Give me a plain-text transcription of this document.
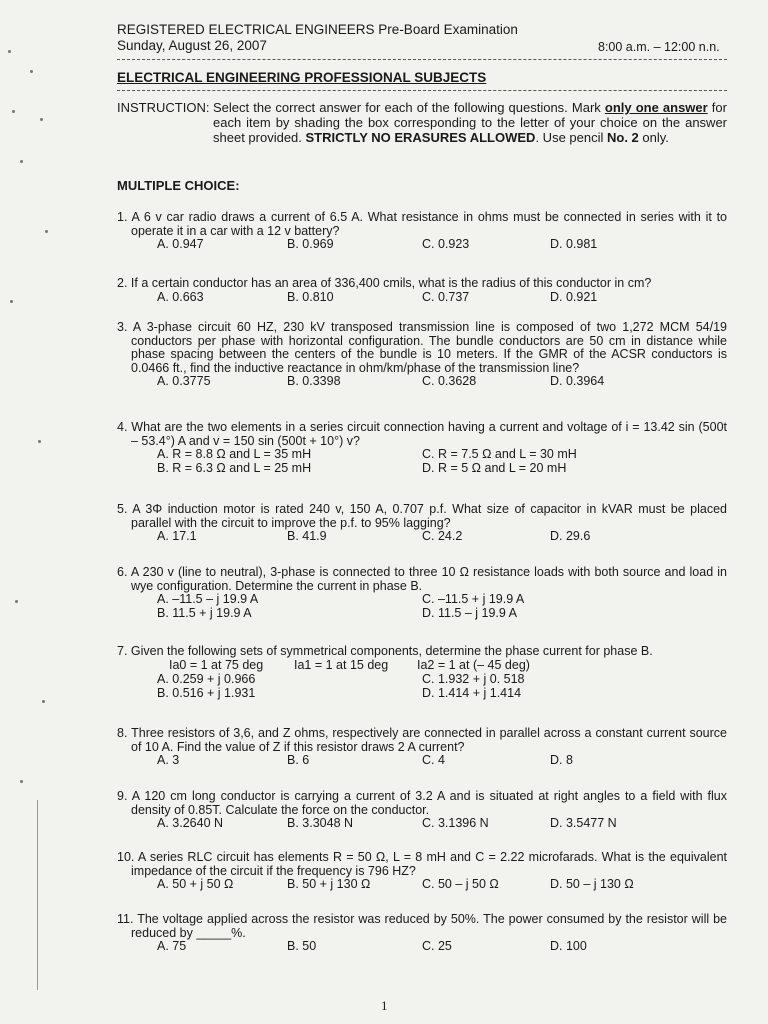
REGISTERED ELECTRICAL ENGINEERS Pre-Board Examination
Sunday, August 26, 2007	8:00 a.m. – 12:00 n.n.
ELECTRICAL ENGINEERING PROFESSIONAL SUBJECTS
INSTRUCTION: Select the correct answer for each of the following questions. Mark only one answer for each item by shading the box corresponding to the letter of your choice on the answer sheet provided. STRICTLY NO ERASURES ALLOWED. Use pencil No. 2 only.
MULTIPLE CHOICE:
1. A 6 v car radio draws a current of 6.5 A. What resistance in ohms must be connected in series with it to operate it in a car with a 12 v battery?
A. 0.947	B. 0.969	C. 0.923	D. 0.981
2. If a certain conductor has an area of 336,400 cmils, what is the radius of this conductor in cm?
A. 0.663	B. 0.810	C. 0.737	D. 0.921
3. A 3-phase circuit 60 HZ, 230 kV transposed transmission line is composed of two 1,272 MCM 54/19 conductors per phase with horizontal configuration. The bundle conductors are 50 cm in distance while phase spacing between the centers of the bundle is 10 meters. If the GMR of the ACSR conductors is 0.0466 ft., find the inductive reactance in ohm/km/phase of the transmission line?
A. 0.3775	B. 0.3398	C. 0.3628	D. 0.3964
4. What are the two elements in a series circuit connection having a current and voltage of i = 13.42 sin (500t – 53.4°) A and v = 150 sin (500t + 10°) v?
A. R = 8.8 Ω and L = 35 mH	C. R = 7.5 Ω and L = 30 mH
B. R = 6.3 Ω and L = 25 mH	D. R = 5 Ω and L = 20 mH
5. A 3Φ induction motor is rated 240 v, 150 A, 0.707 p.f. What size of capacitor in kVAR must be placed parallel with the circuit to improve the p.f. to 95% lagging?
A. 17.1	B. 41.9	C. 24.2	D. 29.6
6. A 230 v (line to neutral), 3-phase is connected to three 10 Ω resistance loads with both source and load in wye configuration. Determine the current in phase B.
A. –11.5 – j 19.9 A	C. –11.5 + j 19.9 A
B. 11.5 + j 19.9 A	D. 11.5 – j 19.9 A
7. Given the following sets of symmetrical components, determine the phase current for phase B.
Ia0 = 1 at 75 deg Ia1 = 1 at 15 deg Ia2 = 1 at (– 45 deg)
A. 0.259 + j 0.966	C. 1.932 + j 0. 518
B. 0.516 + j 1.931	D. 1.414 + j 1.414
8. Three resistors of 3,6, and Z ohms, respectively are connected in parallel across a constant current source of 10 A. Find the value of Z if this resistor draws 2 A current?
A. 3	B. 6	C. 4	D. 8
9. A 120 cm long conductor is carrying a current of 3.2 A and is situated at right angles to a field with flux density of 0.85T. Calculate the force on the conductor.
A. 3.2640 N	B. 3.3048 N	C. 3.1396 N	D. 3.5477 N
10. A series RLC circuit has elements R = 50 Ω, L = 8 mH and C = 2.22 microfarads. What is the equivalent impedance of the circuit if the frequency is 796 HZ?
A. 50 + j 50 Ω	B. 50 + j 130 Ω	C. 50 – j 50 Ω	D. 50 – j 130 Ω
11. The voltage applied across the resistor was reduced by 50%. The power consumed by the resistor will be reduced by _____%.
A. 75	B. 50	C. 25	D. 100
1
